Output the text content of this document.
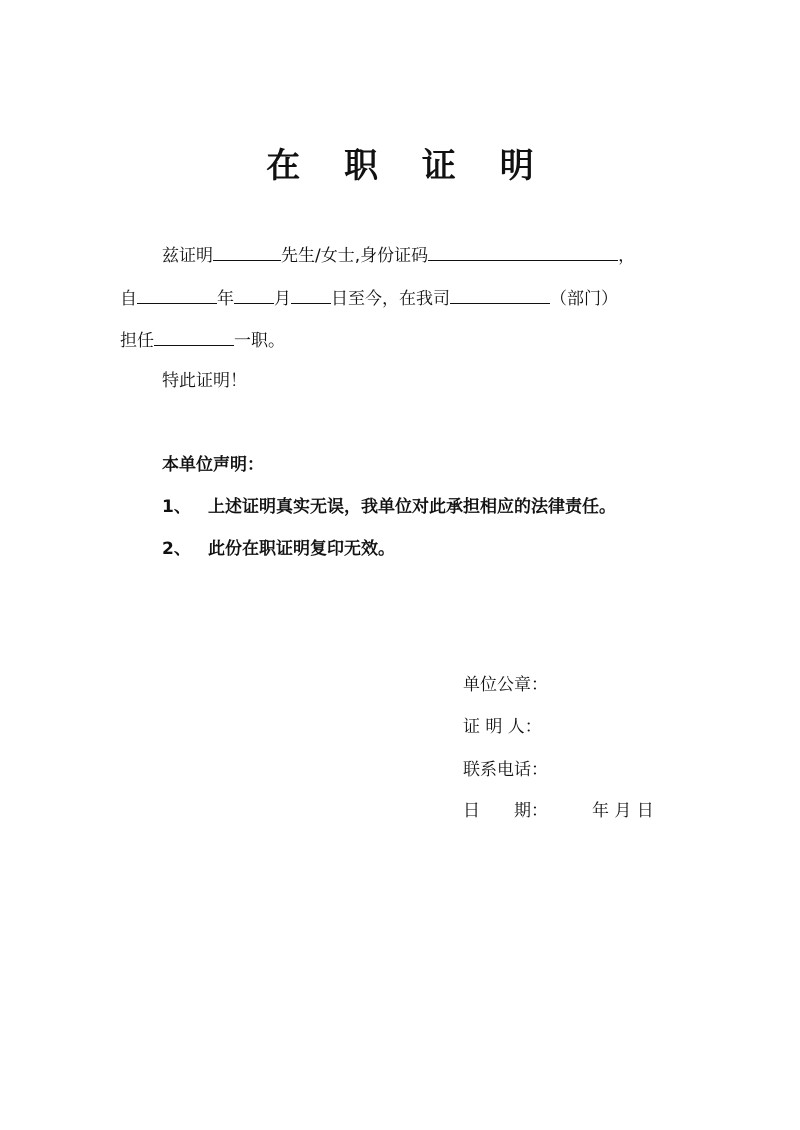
在 职 证 明
兹证明	先生/女士,身份证码	，
自	年 月 日至今，在我司	（部门）
担任	一职。
特此证明！
本单位声明：
1、 上述证明真实无误，我单位对此承担相应的法律责任。
2、 此份在职证明复印无效。
单位公章：
证 明 人：
联系电话：
日　　期：	年 月 日
